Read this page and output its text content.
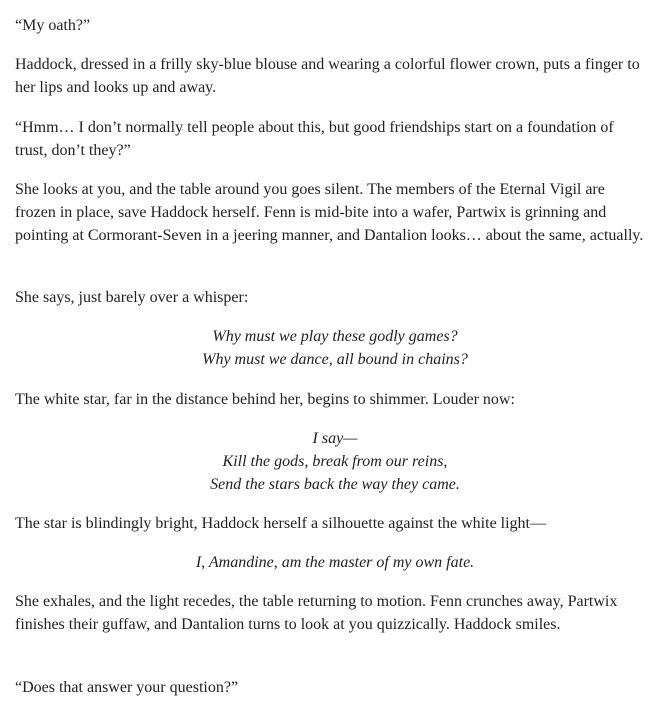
“My oath?”

Haddock, dressed in a frilly sky-blue blouse and wearing a colorful flower crown, puts a finger to her lips and looks up and away.

“Hmm… I don’t normally tell people about this, but good friendships start on a foundation of trust, don’t they?”

She looks at you, and the table around you goes silent. The members of the Eternal Vigil are frozen in place, save Haddock herself. Fenn is mid-bite into a wafer, Partwix is grinning and pointing at Cormorant-Seven in a jeering manner, and Dantalion looks… about the same, actually.

She says, just barely over a whisper:

Why must we play these godly games?
Why must we dance, all bound in chains?

The white star, far in the distance behind her, begins to shimmer. Louder now:

I say—
Kill the gods, break from our reins,
Send the stars back the way they came.

The star is blindingly bright, Haddock herself a silhouette against the white light—

I, Amandine, am the master of my own fate.

She exhales, and the light recedes, the table returning to motion. Fenn crunches away, Partwix finishes their guffaw, and Dantalion turns to look at you quizzically. Haddock smiles.

“Does that answer your question?”
